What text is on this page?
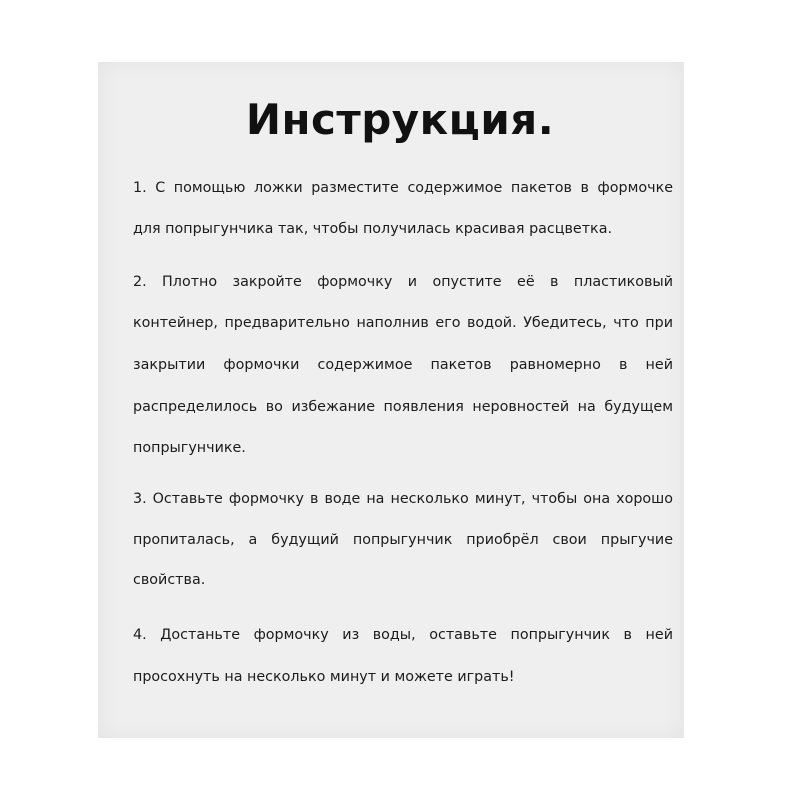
Инструкция.

1. С помощью ложки разместите содержимое пакетов в формочке

для попрыгунчика так, чтобы получилась красивая расцветка.

2. Плотно закройте формочку и опустите её в пластиковый

контейнер, предварительно наполнив его водой. Убедитесь, что при

закрытии формочки содержимое пакетов равномерно в ней

распределилось во избежание появления неровностей на будущем

попрыгунчике.

3. Оставьте формочку в воде на несколько минут, чтобы она хорошо

пропиталась, а будущий попрыгунчик приобрёл свои прыгучие

свойства.

4. Достаньте формочку из воды, оставьте попрыгунчик в ней

просохнуть на несколько минут и можете играть!
